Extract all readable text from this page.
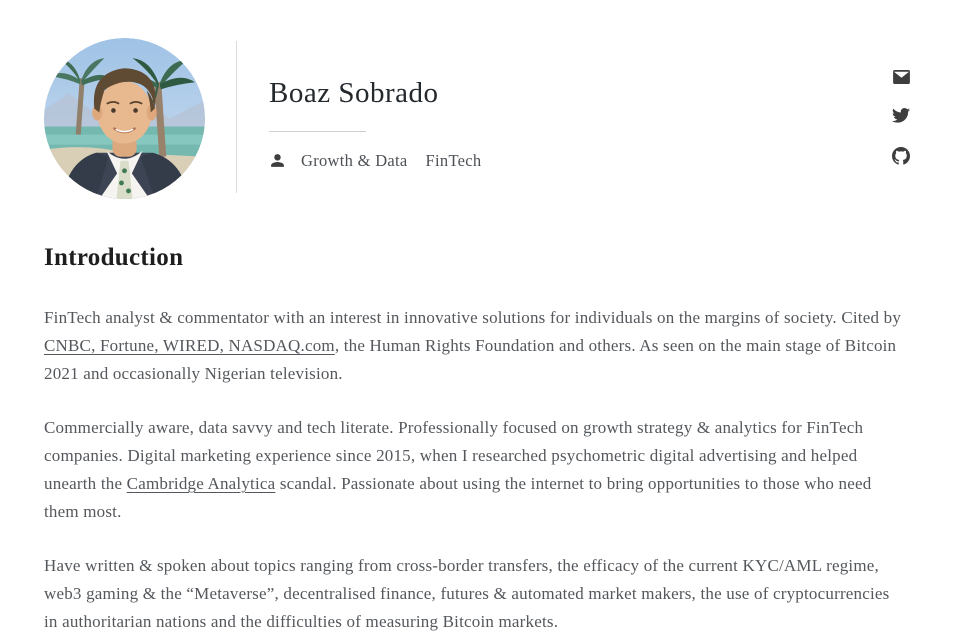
Boaz Sobrado
Growth & Data FinTech
Introduction

FinTech analyst & commentator with an interest in innovative solutions for individuals on the margins of society. Cited by CNBC, Fortune, WIRED, NASDAQ.com, the Human Rights Foundation and others. As seen on the main stage of Bitcoin 2021 and occasionally Nigerian television.

Commercially aware, data savvy and tech literate. Professionally focused on growth strategy & analytics for FinTech companies. Digital marketing experience since 2015, when I researched psychometric digital advertising and helped unearth the Cambridge Analytica scandal. Passionate about using the internet to bring opportunities to those who need them most.

Have written & spoken about topics ranging from cross-border transfers, the efficacy of the current KYC/AML regime, web3 gaming & the “Metaverse”, decentralised finance, futures & automated market makers, the use of cryptocurrencies in authoritarian nations and the difficulties of measuring Bitcoin markets.
